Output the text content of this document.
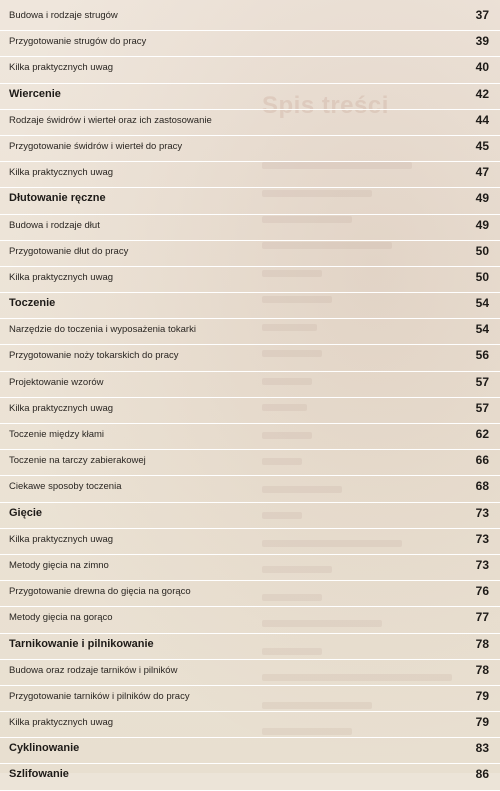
Spis treści
Budowa i rodzaje strugów	37
Przygotowanie strugów do pracy	39
Kilka praktycznych uwag	40
Wiercenie	42
Rodzaje świdrów i wierteł oraz ich zastosowanie	44
Przygotowanie świdrów i wierteł do pracy	45
Kilka praktycznych uwag	47
Dłutowanie ręczne	49
Budowa i rodzaje dłut	49
Przygotowanie dłut do pracy	50
Kilka praktycznych uwag	50
Toczenie	54
Narzędzie do toczenia i wyposażenia tokarki	54
Przygotowanie noży tokarskich do pracy	56
Projektowanie wzorów	57
Kilka praktycznych uwag	57
Toczenie między kłami	62
Toczenie na tarczy zabierakowej	66
Ciekawe sposoby toczenia	68
Gięcie	73
Kilka praktycznych uwag	73
Metody gięcia na zimno	73
Przygotowanie drewna do gięcia na gorąco	76
Metody gięcia na gorąco	77
Tarnikowanie i pilnikowanie	78
Budowa oraz rodzaje tarników i pilników	78
Przygotowanie tarników i pilników do pracy	79
Kilka praktycznych uwag	79
Cyklinowanie	83
Szlifowanie	86
